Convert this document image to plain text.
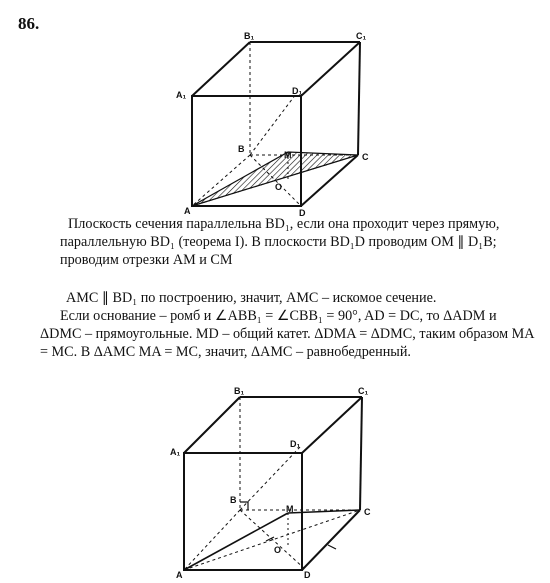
86.
A₁
B₁	C₁
D₁
B
C
A	D
M
O

Плоскость сечения параллельна BD₁, если она проходит через прямую, параллельную BD₁ (теорема I). В плоскости BD₁D проводим OM ∥ D₁B; проводим отрезки AM и CM

AMC ∥ BD₁ по построению, значит, AMC – искомое сечение.

Если основание – ромб и ∠ABB₁ = ∠CBB₁ = 90°, AD = DC, то ΔADM и ΔDMC – прямоугольные. MD – общий катет. ΔDMA = ΔDMC, таким образом MA = MC. В ΔAMC MA = MC, значит, ΔAMC – равнобедренный.

A₁
B₁	C₁
D₁
B
C
A	D
M
O
